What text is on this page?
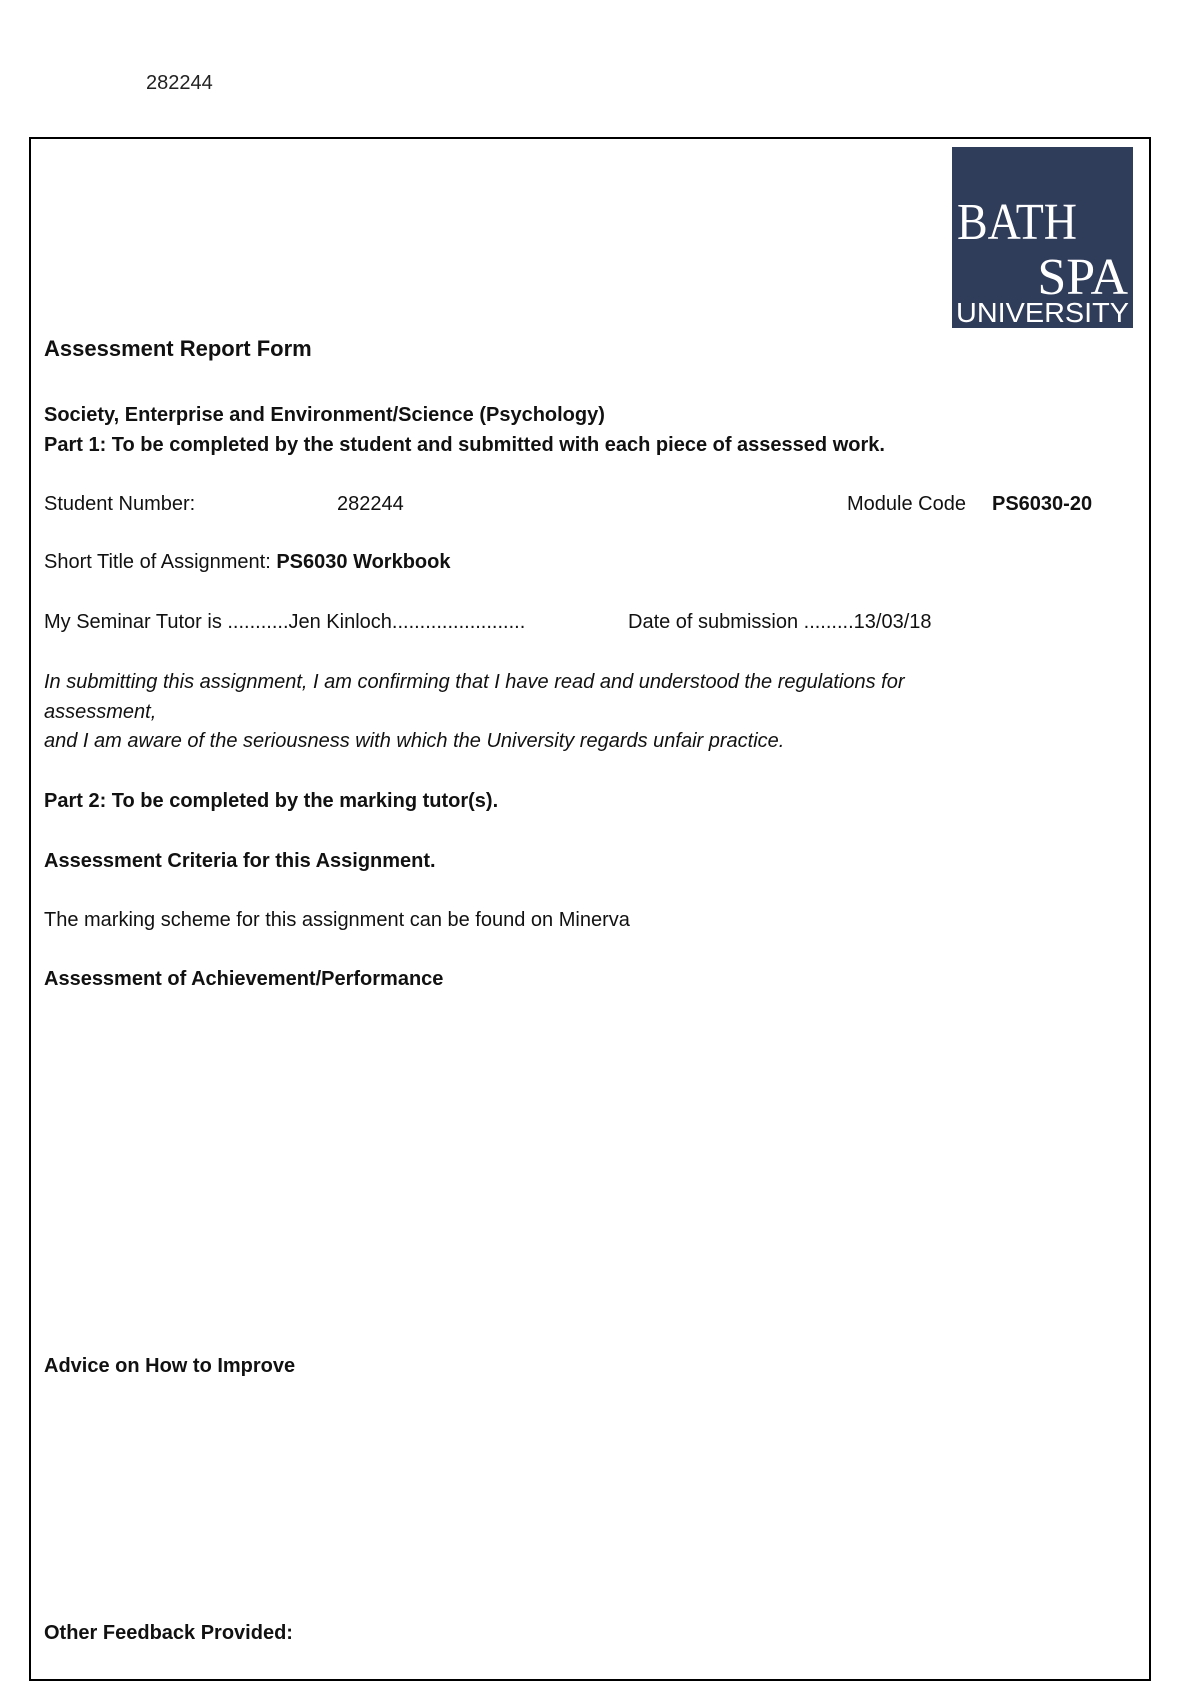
282244
BATH
SPA
UNIVERSITY
Assessment Report Form
Society, Enterprise and Environment/Science (Psychology)
Part 1: To be completed by the student and submitted with each piece of assessed work.
Student Number:	282244	Module Code PS6030-20
Short Title of Assignment: PS6030 Workbook
My Seminar Tutor is ...........Jen Kinloch........................	Date of submission .........13/03/18
In submitting this assignment, I am confirming that I have read and understood the regulations for
assessment,
and I am aware of the seriousness with which the University regards unfair practice.
Part 2: To be completed by the marking tutor(s).
Assessment Criteria for this Assignment.
The marking scheme for this assignment can be found on Minerva
Assessment of Achievement/Performance
Advice on How to Improve
Other Feedback Provided:
